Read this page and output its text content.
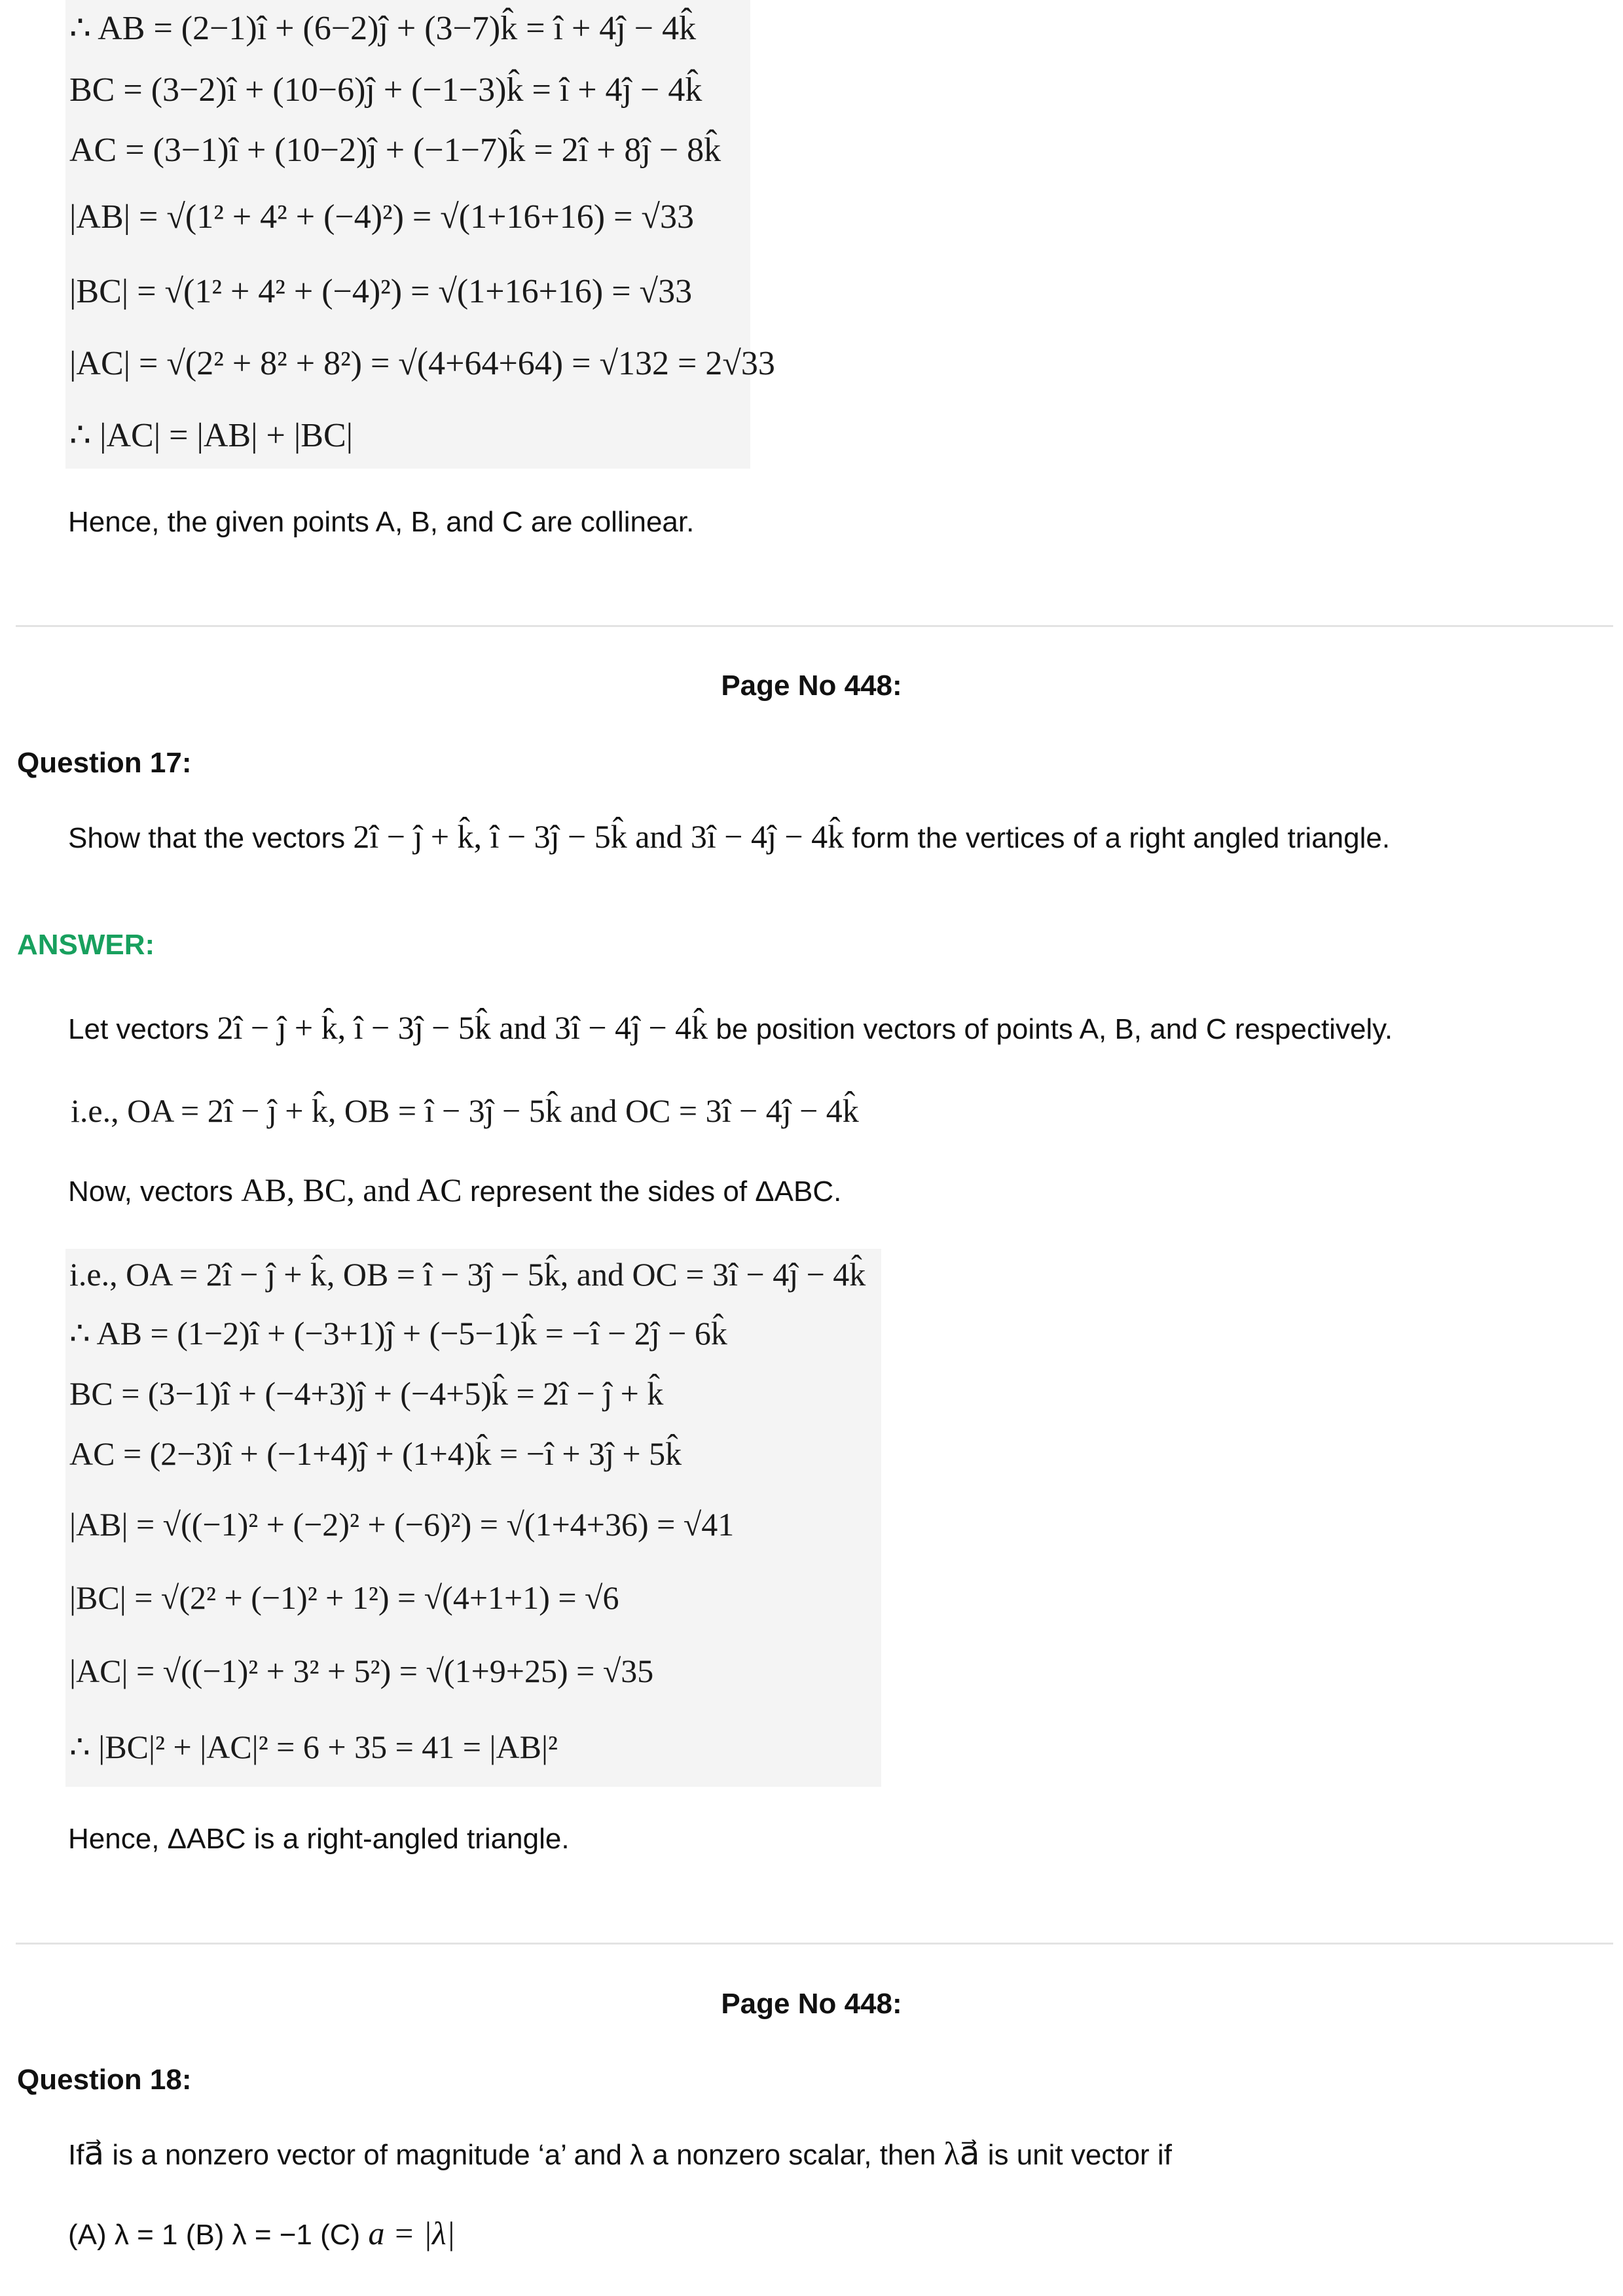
∴ AB = (2−1)î + (6−2)ĵ + (3−7)k̂ = î + 4ĵ − 4k̂
BC = (3−2)î + (10−6)ĵ + (−1−3)k̂ = î + 4ĵ − 4k̂
AC = (3−1)î + (10−2)ĵ + (−1−7)k̂ = 2î + 8ĵ − 8k̂
|AB| = √(1² + 4² + (−4)²) = √(1+16+16) = √33
|BC| = √(1² + 4² + (−4)²) = √(1+16+16) = √33
|AC| = √(2² + 8² + 8²) = √(4+64+64) = √132 = 2√33
∴ |AC| = |AB| + |BC|
Hence, the given points A, B, and C are collinear.
Page No 448:
Question 17:
Show that the vectors 2î − ĵ + k̂, î − 3ĵ − 5k̂ and 3î − 4ĵ − 4k̂ form the vertices of a right angled triangle.
ANSWER:
Let vectors 2î − ĵ + k̂, î − 3ĵ − 5k̂ and 3î − 4ĵ − 4k̂ be position vectors of points A, B, and C respectively.
i.e., OA = 2î − ĵ + k̂, OB = î − 3ĵ − 5k̂ and OC = 3î − 4ĵ − 4k̂
Now, vectors AB, BC, and AC represent the sides of ΔABC.
i.e., OA = 2î − ĵ + k̂, OB = î − 3ĵ − 5k̂, and OC = 3î − 4ĵ − 4k̂
∴ AB = (1−2)î + (−3+1)ĵ + (−5−1)k̂ = −î − 2ĵ − 6k̂
BC = (3−1)î + (−4+3)ĵ + (−4+5)k̂ = 2î − ĵ + k̂
AC = (2−3)î + (−1+4)ĵ + (1+4)k̂ = −î + 3ĵ + 5k̂
|AB| = √((−1)² + (−2)² + (−6)²) = √(1+4+36) = √41
|BC| = √(2² + (−1)² + 1²) = √(4+1+1) = √6
|AC| = √((−1)² + 3² + 5²) = √(1+9+25) = √35
∴ |BC|² + |AC|² = 6 + 35 = 41 = |AB|²
Hence, ΔABC is a right-angled triangle.
Page No 448:
Question 18:
Ifa⃗ is a nonzero vector of magnitude ‘a’ and λ a nonzero scalar, then λa⃗ is unit vector if
(A) λ = 1 (B) λ = −1 (C) a = |λ|
